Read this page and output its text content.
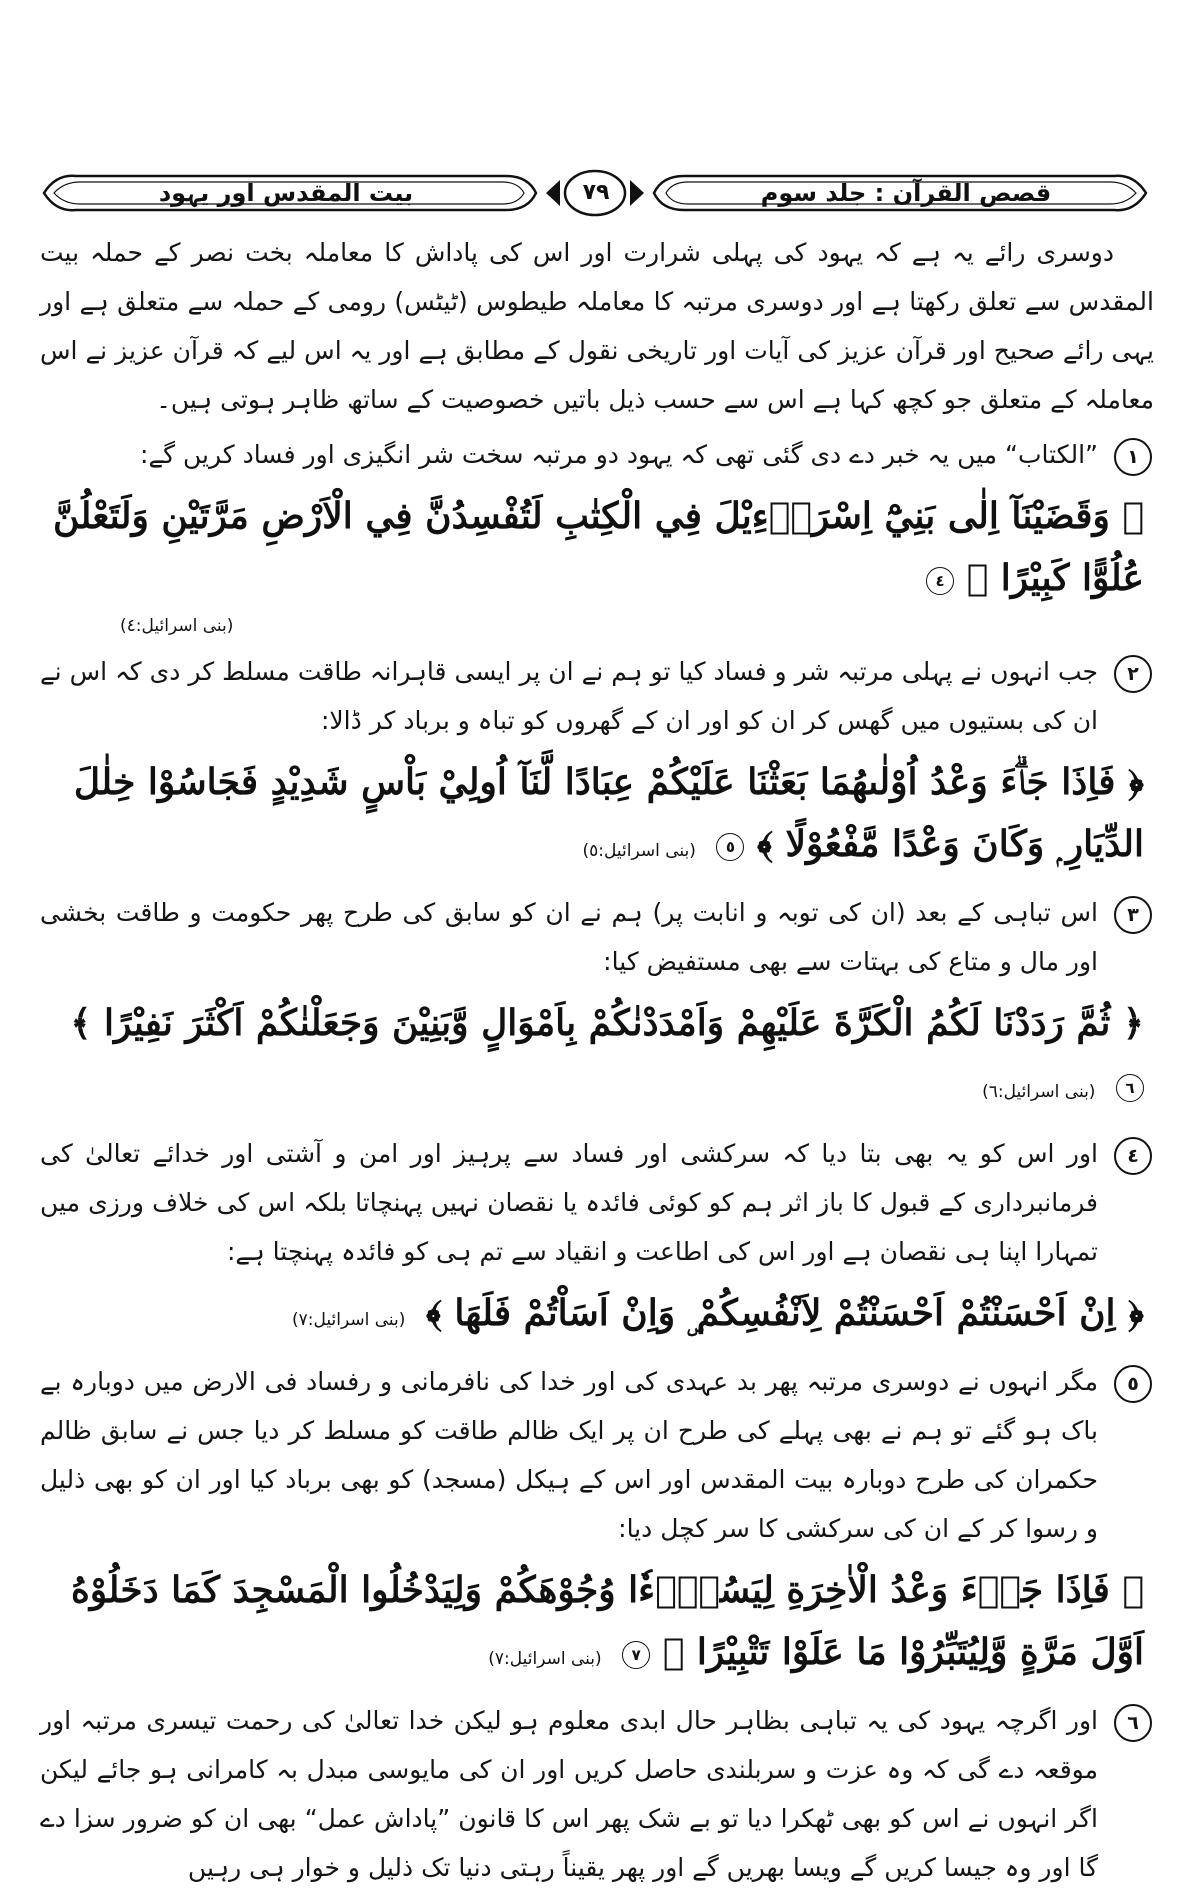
بیت المقدس اور یہود	٧٩	قصص القرآن : جلد سوم

دوسری رائے یہ ہے کہ یہود کی پہلی شرارت اور اس کی پاداش کا معاملہ بخت نصر کے حملہ بیت المقدس سے تعلق رکھتا ہے اور دوسری مرتبہ کا معاملہ طیطوس (ٹیٹس) رومی کے حملہ سے متعلق ہے اور یہی رائے صحیح اور قرآن عزیز کی آیات اور تاریخی نقول کے مطابق ہے اور یہ اس لیے کہ قرآن عزیز نے اس معاملہ کے متعلق جو کچھ کہا ہے اس سے حسب ذیل باتیں خصوصیت کے ساتھ ظاہر ہوتی ہیں۔

١

”الکتاب“ میں یہ خبر دے دی گئی تھی کہ یہود دو مرتبہ سخت شر انگیزی اور فساد کریں گے:

﴿ وَقَضَيْنَآ اِلٰى بَنِيْٓ اِسْرَاۗءِيْلَ فِي الْكِتٰبِ لَتُفْسِدُنَّ فِي الْاَرْضِ مَرَّتَيْنِ وَلَتَعْلُنَّ عُلُوًّا كَبِيْرًا ﴾ ٤
(بنی اسرائیل:٤)
٢

جب انہوں نے پہلی مرتبہ شر و فساد کیا تو ہم نے ان پر ایسی قاہرانہ طاقت مسلط کر دی کہ اس نے ان کی بستیوں میں گھس کر ان کو اور ان کے گھروں کو تباہ و برباد کر ڈالا:

﴿ فَاِذَا جَاۗءَ وَعْدُ اُوْلٰىهُمَا بَعَثْنَا عَلَيْكُمْ عِبَادًا لَّنَآ اُولِيْ بَاْسٍ شَدِيْدٍ فَجَاسُوْا خِلٰلَ الدِّيَارِ ۭ وَكَانَ وَعْدًا مَّفْعُوْلًا ﴾ ٥ (بنی اسرائیل:٥)
٣

اس تباہی کے بعد (ان کی توبہ و انابت پر) ہم نے ان کو سابق کی طرح پھر حکومت و طاقت بخشی اور مال و متاع کی بہتات سے بھی مستفیض کیا:

﴿ ثُمَّ رَدَدْنَا لَكُمُ الْكَرَّةَ عَلَيْهِمْ وَاَمْدَدْنٰكُمْ بِاَمْوَالٍ وَّبَنِيْنَ وَجَعَلْنٰكُمْ اَكْثَرَ نَفِيْرًا ﴾ ٦ (بنی اسرائیل:٦)
٤

اور اس کو یہ بھی بتا دیا کہ سرکشی اور فساد سے پرہیز اور امن و آشتی اور خدائے تعالیٰ کی فرمانبرداری کے قبول کا باز اثر ہم کو کوئی فائدہ یا نقصان نہیں پہنچاتا بلکہ اس کی خلاف ورزی میں تمہارا اپنا ہی نقصان ہے اور اس کی اطاعت و انقیاد سے تم ہی کو فائدہ پہنچتا ہے:

﴿ اِنْ اَحْسَنْتُمْ اَحْسَنْتُمْ لِاَنْفُسِكُمْ ۣ وَاِنْ اَسَاْتُمْ فَلَهَا ﴾ (بنی اسرائیل:٧)
٥

مگر انہوں نے دوسری مرتبہ پھر بد عہدی کی اور خدا کی نافرمانی و رفساد فی الارض میں دوبارہ بے باک ہو گئے تو ہم نے بھی پہلے کی طرح ان پر ایک ظالم طاقت کو مسلط کر دیا جس نے سابق ظالم حکمران کی طرح دوبارہ بیت المقدس اور اس کے ہیکل (مسجد) کو بھی برباد کیا اور ان کو بھی ذلیل و رسوا کر کے ان کی سرکشی کا سر کچل دیا:

﴿ فَاِذَا جَاۗءَ وَعْدُ الْاٰخِرَةِ لِيَسُوْۗءٗا وُجُوْهَكُمْ وَلِيَدْخُلُوا الْمَسْجِدَ كَمَا دَخَلُوْهُ اَوَّلَ مَرَّةٍ وَّلِيُتَبِّرُوْا مَا عَلَوْا تَتْبِيْرًا ﴾ ٧ (بنی اسرائیل:٧)
٦

اور اگرچہ یہود کی یہ تباہی بظاہر حال ابدی معلوم ہو لیکن خدا تعالیٰ کی رحمت تیسری مرتبہ اور موقعہ دے گی کہ وہ عزت و سربلندی حاصل کریں اور ان کی مایوسی مبدل بہ کامرانی ہو جائے لیکن اگر انہوں نے اس کو بھی ٹھکرا دیا تو بے شک پھر اس کا قانون ”پاداش عمل“ بھی ان کو ضرور سزا دے گا اور وہ جیسا کریں گے ویسا بھریں گے اور پھر یقیناً رہتی دنیا تک ذلیل و خوار ہی رہیں
